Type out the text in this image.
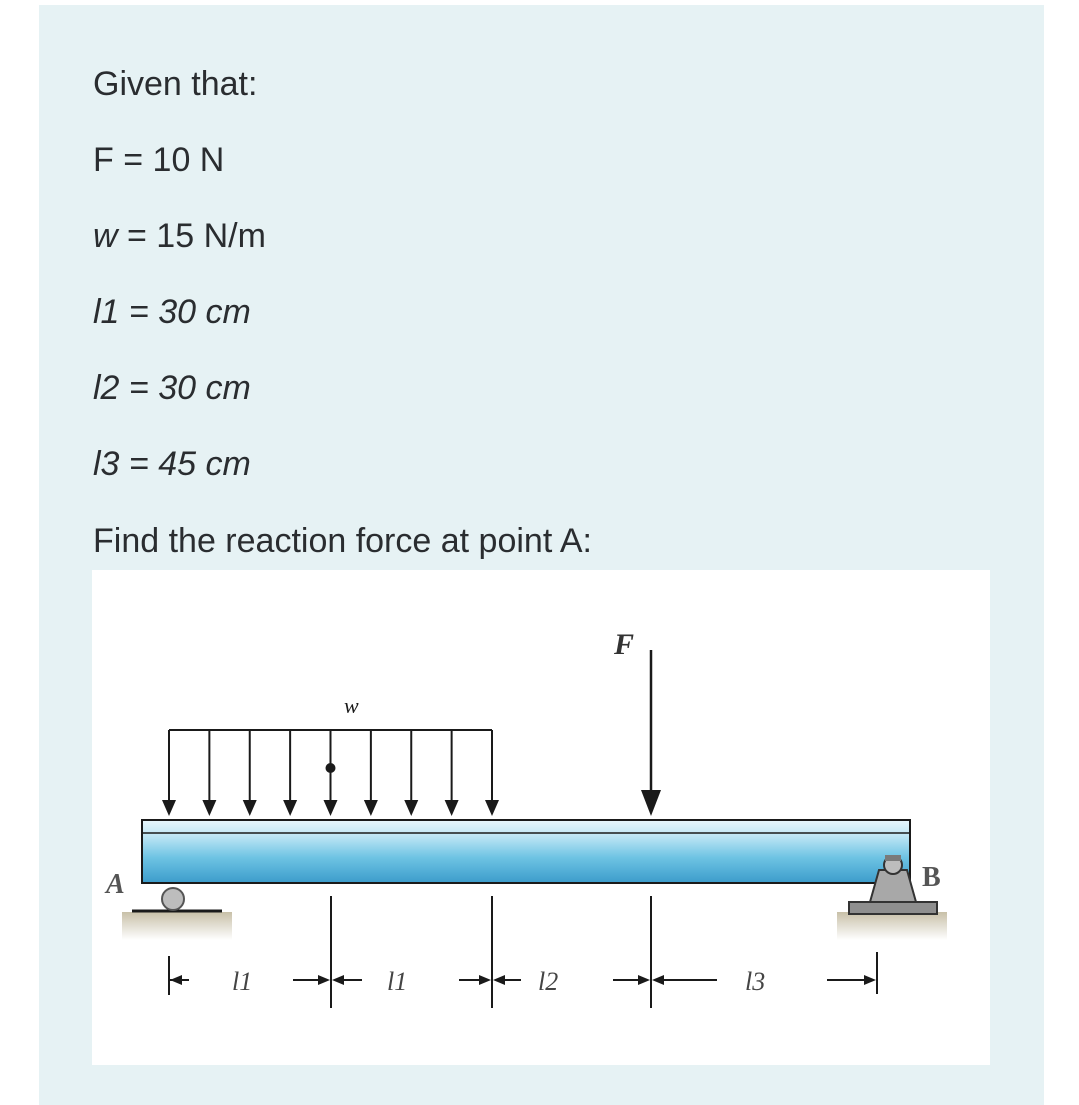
Given that:
F = 10 N
w = 15 N/m
l1 = 30 cm
l2 = 30 cm
l3 = 45 cm
Find the reaction force at point A:
w
F
A	B
l1	l1	l2	l3
